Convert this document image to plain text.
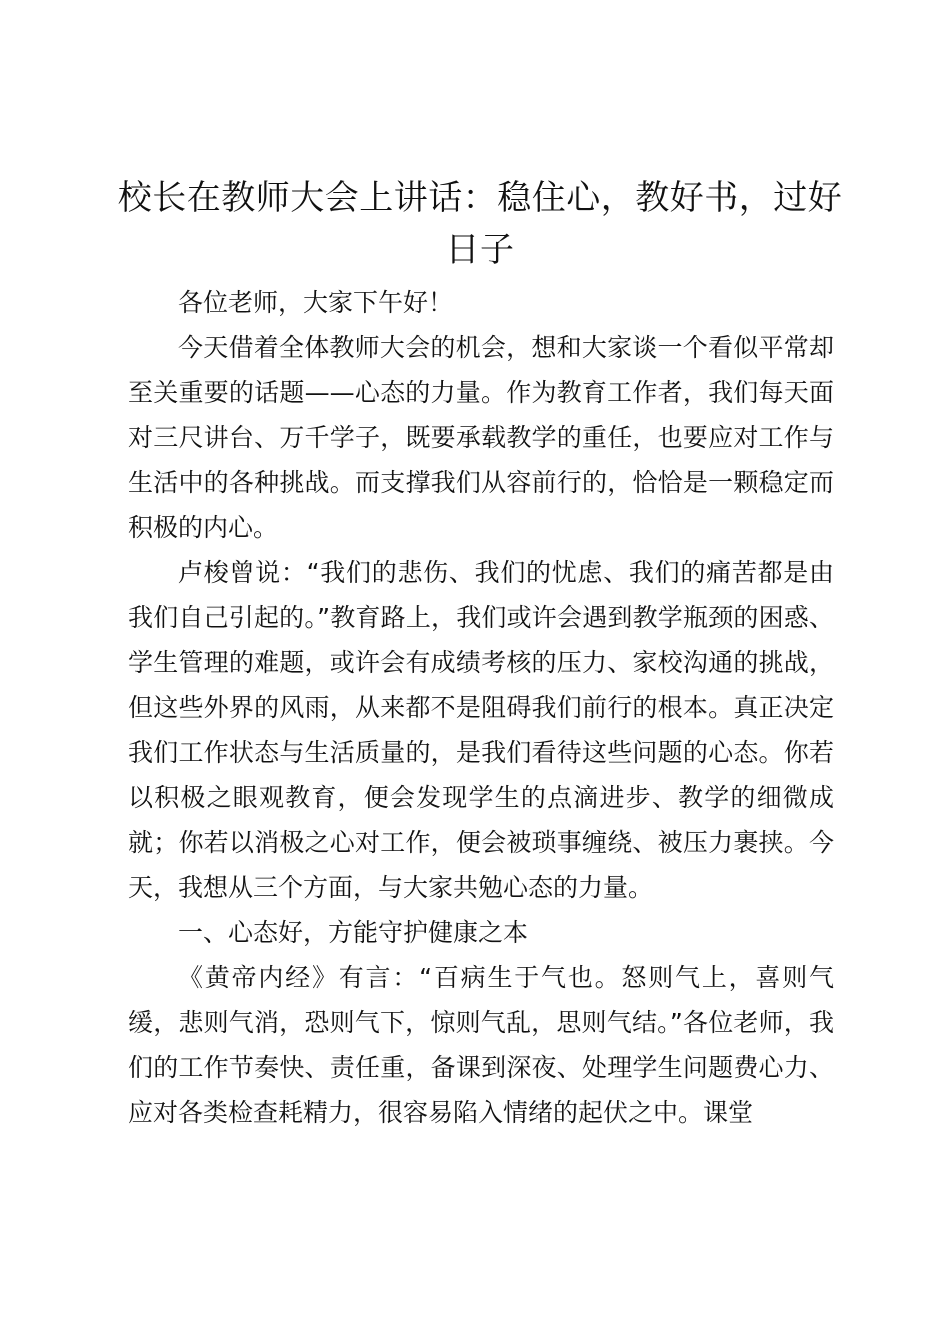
校长在教师大会上讲话：稳住心，教好书，过好日子

各位老师，大家下午好！

今天借着全体教师大会的机会，想和大家谈一个看似平常却至关重要的话题——心态的力量。作为教育工作者，我们每天面对三尺讲台、万千学子，既要承载教学的重任，也要应对工作与生活中的各种挑战。而支撑我们从容前行的，恰恰是一颗稳定而积极的内心。

卢梭曾说：“我们的悲伤、我们的忧虑、我们的痛苦都是由我们自己引起的。”教育路上，我们或许会遇到教学瓶颈的困惑、学生管理的难题，或许会有成绩考核的压力、家校沟通的挑战，但这些外界的风雨，从来都不是阻碍我们前行的根本。真正决定我们工作状态与生活质量的，是我们看待这些问题的心态。你若以积极之眼观教育，便会发现学生的点滴进步、教学的细微成就；你若以消极之心对工作，便会被琐事缠绕、被压力裹挟。今天，我想从三个方面，与大家共勉心态的力量。

一、心态好，方能守护健康之本

《黄帝内经》有言：“百病生于气也。怒则气上，喜则气缓，悲则气消，恐则气下，惊则气乱，思则气结。”各位老师，我们的工作节奏快、责任重，备课到深夜、处理学生问题费心力、应对各类检查耗精力，很容易陷入情绪的起伏之中。课堂
